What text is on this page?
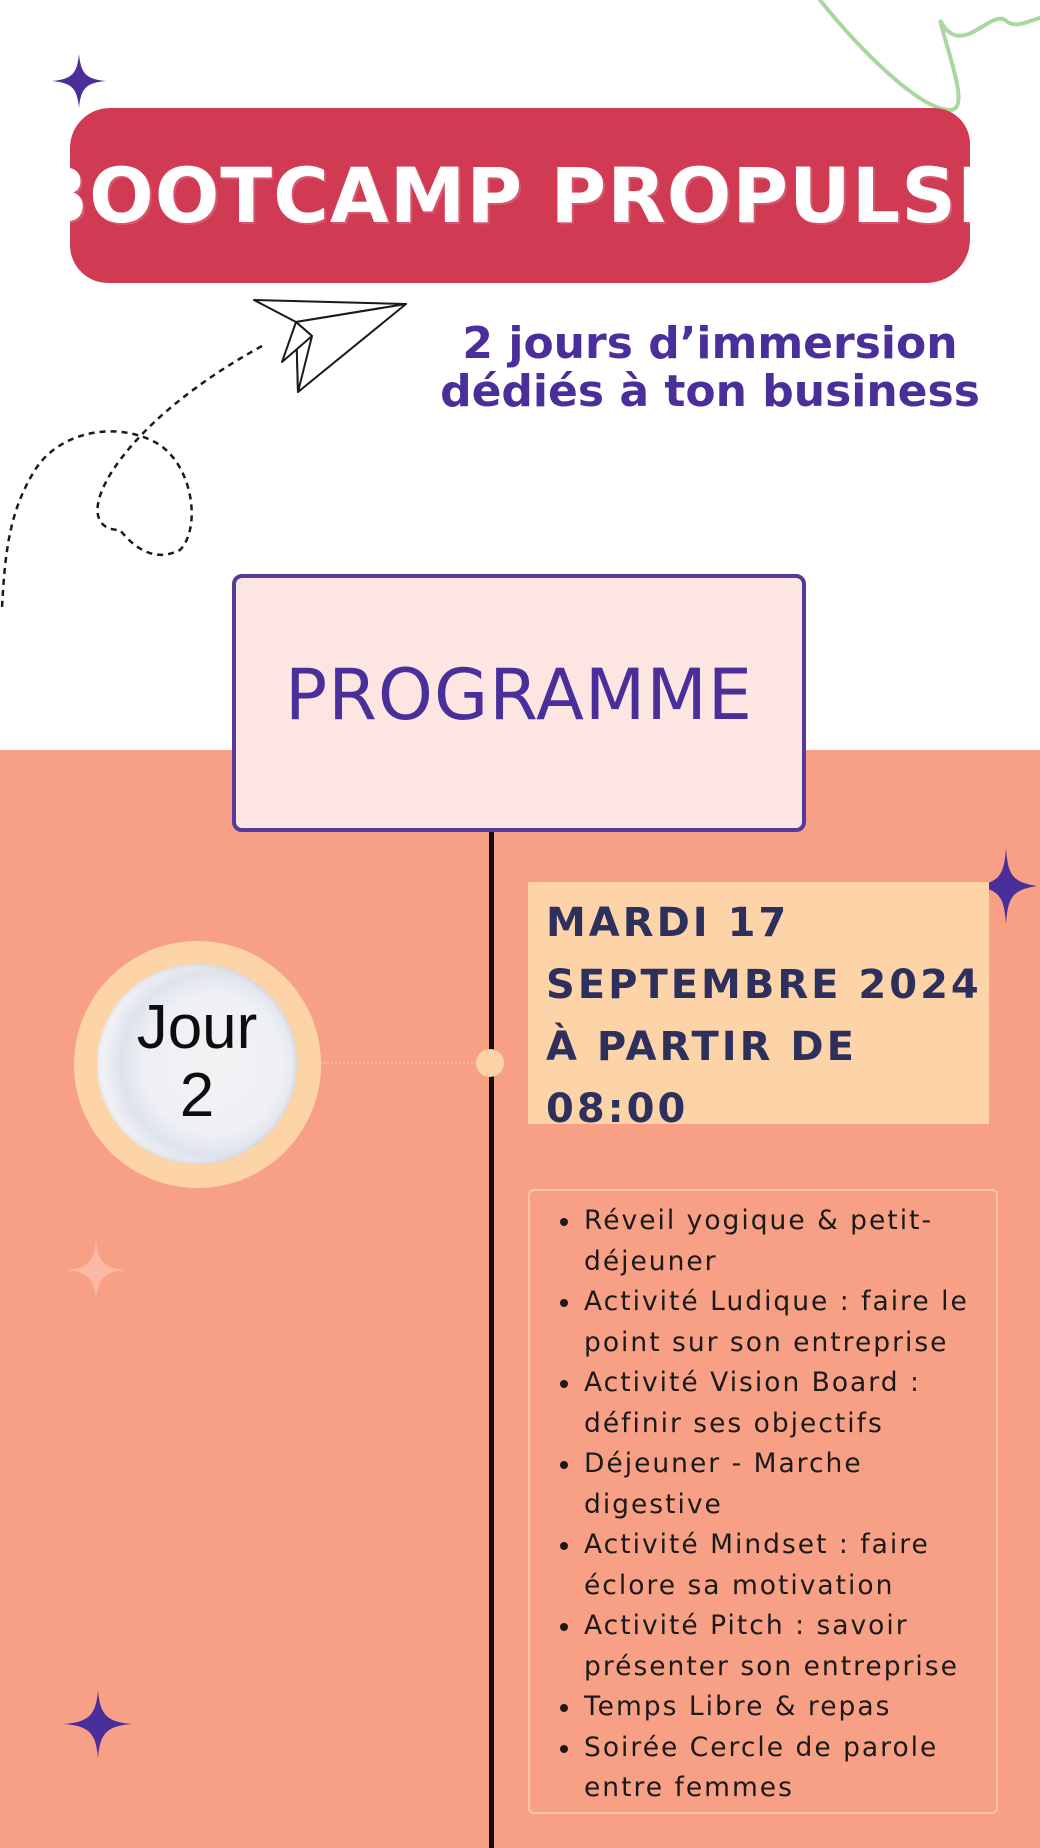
BOOTCAMP PROPULSE
2 jours d’immersion
dédiés à ton business
PROGRAMME
Jour
2
MARDI 17
SEPTEMBRE 2024
À PARTIR DE
08:00
Réveil yogique & petit-
déjeuner
Activité Ludique : faire le
point sur son entreprise
Activité Vision Board :
définir ses objectifs
Déjeuner - Marche
digestive
Activité Mindset : faire
éclore sa motivation
Activité Pitch : savoir
présenter son entreprise
Temps Libre & repas
Soirée Cercle de parole
entre femmes
